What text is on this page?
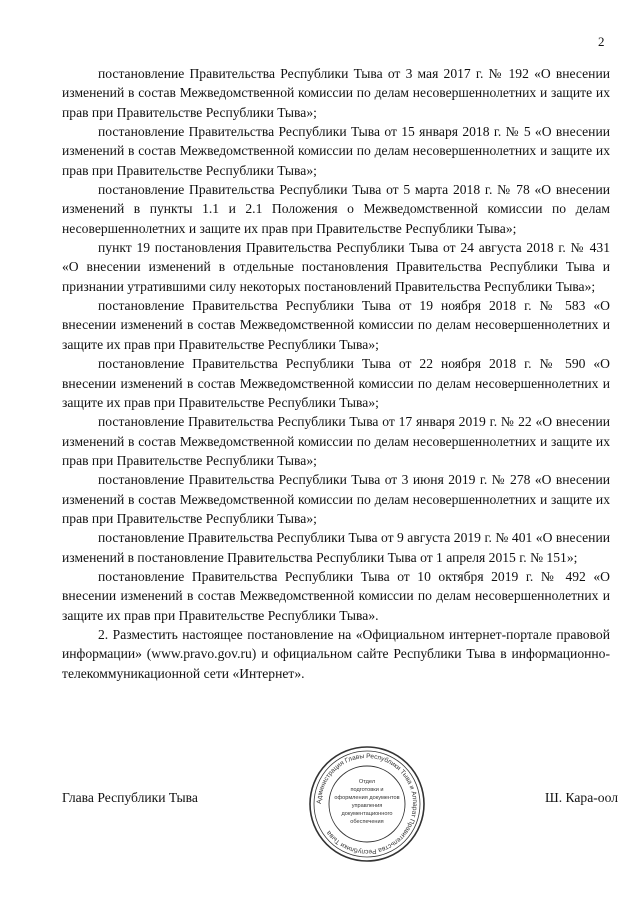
2

постановление Правительства Республики Тыва от 3 мая 2017 г. № 192 «О внесении изменений в состав Межведомственной комиссии по делам несовершеннолетних и защите их прав при Правительстве Республики Тыва»;

постановление Правительства Республики Тыва от 15 января 2018 г. № 5 «О внесении изменений в состав Межведомственной комиссии по делам несовершеннолетних и защите их прав при Правительстве Республики Тыва»;

постановление Правительства Республики Тыва от 5 марта 2018 г. № 78 «О внесении изменений в пункты 1.1 и 2.1 Положения о Межведомственной комиссии по делам несовершеннолетних и защите их прав при Правительстве Республики Тыва»;

пункт 19 постановления Правительства Республики Тыва от 24 августа 2018 г. № 431 «О внесении изменений в отдельные постановления Правительства Республики Тыва и признании утратившими силу некоторых постановлений Правительства Республики Тыва»;

постановление Правительства Республики Тыва от 19 ноября 2018 г. № 583 «О внесении изменений в состав Межведомственной комиссии по делам несовершеннолетних и защите их прав при Правительстве Республики Тыва»;

постановление Правительства Республики Тыва от 22 ноября 2018 г. № 590 «О внесении изменений в состав Межведомственной комиссии по делам несовершеннолетних и защите их прав при Правительстве Республики Тыва»;

постановление Правительства Республики Тыва от 17 января 2019 г. № 22 «О внесении изменений в состав Межведомственной комиссии по делам несовершеннолетних и защите их прав при Правительстве Республики Тыва»;

постановление Правительства Республики Тыва от 3 июня 2019 г. № 278 «О внесении изменений в состав Межведомственной комиссии по делам несовершеннолетних и защите их прав при Правительстве Республики Тыва»;

постановление Правительства Республики Тыва от 9 августа 2019 г. № 401 «О внесении изменений в постановление Правительства Республики Тыва от 1 апреля 2015 г. № 151»;

постановление Правительства Республики Тыва от 10 октября 2019 г. № 492 «О внесении изменений в состав Межведомственной комиссии по делам несовершеннолетних и защите их прав при Правительстве Республики Тыва».

2. Разместить настоящее постановление на «Официальном интернет-портале правовой информации» (www.pravo.gov.ru) и официальном сайте Республики Тыва в информационно-телекоммуникационной сети «Интернет».

Глава Республики Тыва	Ш. Кара-оол
Администрация Главы Республики Тыва и Аппарат Правительства Республики Тыва
Отдел
подготовки и
оформления документов
управления
документационного
обеспечения
